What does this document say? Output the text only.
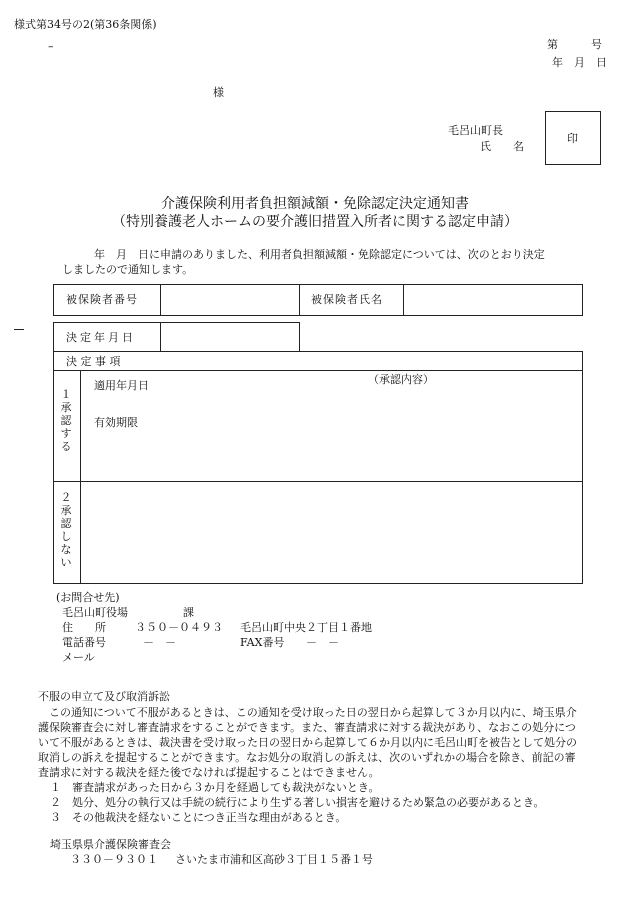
様式第34号の2(第36条関係)
–	第　　　号
年　月　日
様
毛呂山町長
氏　　名
印
介護保険利用者負担額減額・免除認定決定通知書
（特別養護老人ホームの要介護旧措置入所者に関する認定申請）
年　月　日に申請のありました、利用者負担額減額・免除認定については、次のとおり決定
しましたので通知します。
被保険者番号	被保険者氏名
決定年月日
決 定 事 項
１ 承認する
（承認内容）
適用年月日
有効期限
２ 承認しない
(お問合せ先)
毛呂山町役場　　　　　課
住　　所	３５０－０４９３ 毛呂山町中央２丁目１番地
電話番号	－　－	FAX番号 －　－
メール
不服の申立て及び取消訴訟
この通知について不服があるときは、この通知を受け取った日の翌日から起算して３か月以内に、埼玉県介護保険審査会に対し審査請求をすることができます。また、審査請求に対する裁決があり、なおこの処分について不服があるときは、裁決書を受け取った日の翌日から起算して６か月以内に毛呂山町を被告として処分の取消しの訴えを提起することができます。なお処分の取消しの訴えは、次のいずれかの場合を除き、前記の審査請求に対する裁決を経た後でなければ提起することはできません。
１　審査請求があった日から３か月を経過しても裁決がないとき。
２　処分、処分の執行又は手続の続行により生ずる著しい損害を避けるため緊急の必要があるとき。
３　その他裁決を経ないことにつき正当な理由があるとき。
埼玉県県介護保険審査会
３３０－９３０１ さいたま市浦和区高砂３丁目１５番１号
